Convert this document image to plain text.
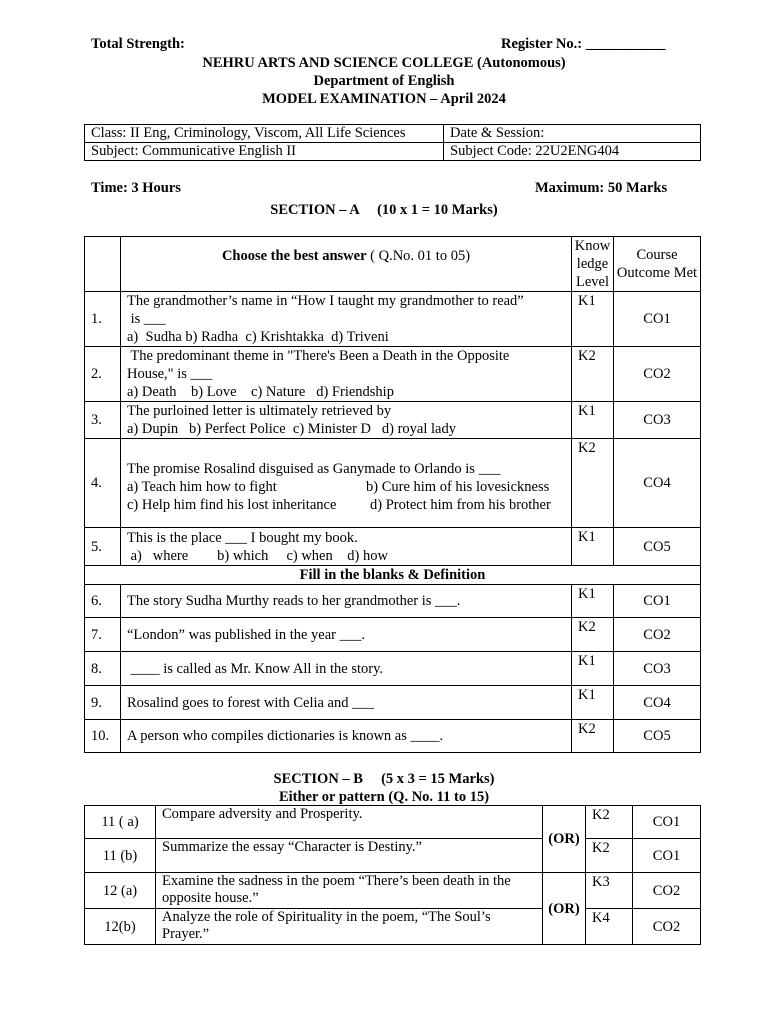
Total Strength:	Register No.: ___________
NEHRU ARTS AND SCIENCE COLLEGE (Autonomous)
Department of English
MODEL EXAMINATION – April 2024
Class: II Eng, Criminology, Viscom, All Life Sciences	Date & Session:
Subject: Communicative English II	Subject Code: 22U2ENG404
Time: 3 Hours	Maximum: 50 Marks
SECTION – A     (10 x 1 = 10 Marks)
	Choose the best answer ( Q.No. 01 to 05)	Know ledge Level	Course Outcome Met
1.	The grandmother’s name in “How I taught my grandmother to read”
is ___
a)  Sudha b) Radha  c) Krishtakka  d) Triveni	K1	CO1
2.	The predominant theme in "There's Been a Death in the Opposite
House," is ___
a) Death    b) Love    c) Nature   d) Friendship	K2	CO2
3.	The purloined letter is ultimately retrieved by
a) Dupin   b) Perfect Police  c) Minister D   d) royal lady	K1	CO3
4.	The promise Rosalind disguised as Ganymade to Orlando is ___
a) Teach him how to fight b) Cure him of his lovesickness
c) Help him find his lost inheritance d) Protect him from his brother	K2	CO4
5.	This is the place ___ I bought my book.
a)   where        b) which     c) when    d) how	K1	CO5
Fill in the blanks & Definition			
6.	The story Sudha Murthy reads to her grandmother is ___.	K1	CO1
7.	“London” was published in the year ___.	K2	CO2
8.	____ is called as Mr. Know All in the story.	K1	CO3
9.	Rosalind goes to forest with Celia and ___	K1	CO4
10.	A person who compiles dictionaries is known as ____.	K2	CO5
SECTION – B     (5 x 3 = 15 Marks)
Either or pattern (Q. No. 11 to 15)
11 ( a)	Compare adversity and Prosperity.	(OR)	K2	CO1
11 (b)	Summarize the essay “Character is Destiny.”		K2	CO1
12 (a)	Examine the sadness in the poem “There’s been death in the opposite house.”	(OR)	K3	CO2
12(b)	Analyze the role of Spirituality in the poem, “The Soul’s Prayer.”		K4	CO2
